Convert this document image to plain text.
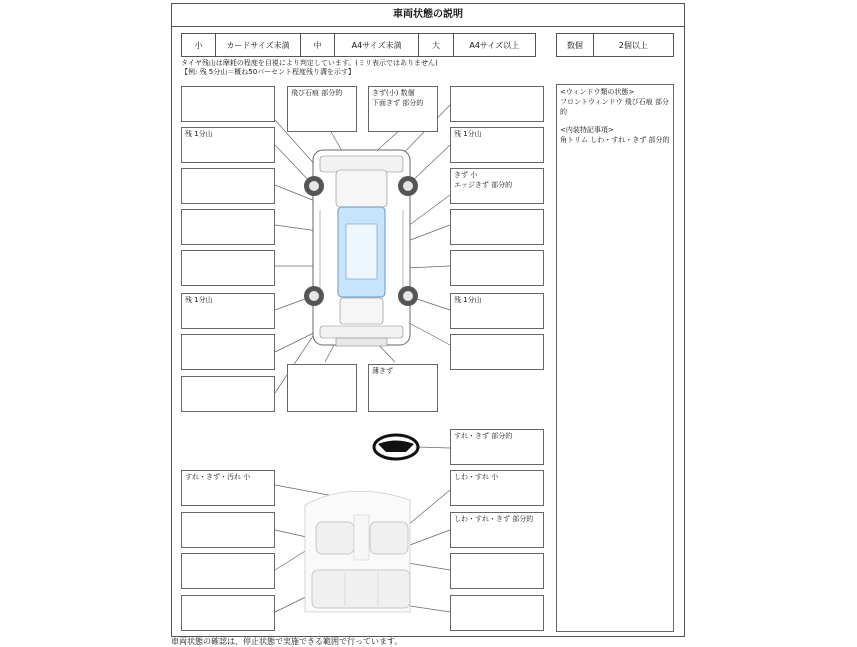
車両状態の説明
小	カードサイズ未満	中	A4サイズ未満	大	A4サイズ以上	数個	2個以上
タイヤ残山は摩耗の程度を目視により判定しています。(ミリ表示ではありません)
【例: 残 5分山＝概ね50パーセント程度残り溝を示す】

<ウィンドウ類の状態>

フロントウィンドウ 飛び石痕 部分的

<内装特記事項>

角トリム しわ・すれ・きず 部分的

残 1分山
残 1分山
飛び石痕 部分的	きず(小) 数個
下面きず 部分的
薄きず
残 1分山
きず 小
エッジきず 部分的
残 1分山
すれ・きず 部分的
すれ・きず・汚れ 小	しわ・すれ 小
しわ・すれ・きず 部分的
車両状態の確認は、停止状態で実施できる範囲で行っています。
